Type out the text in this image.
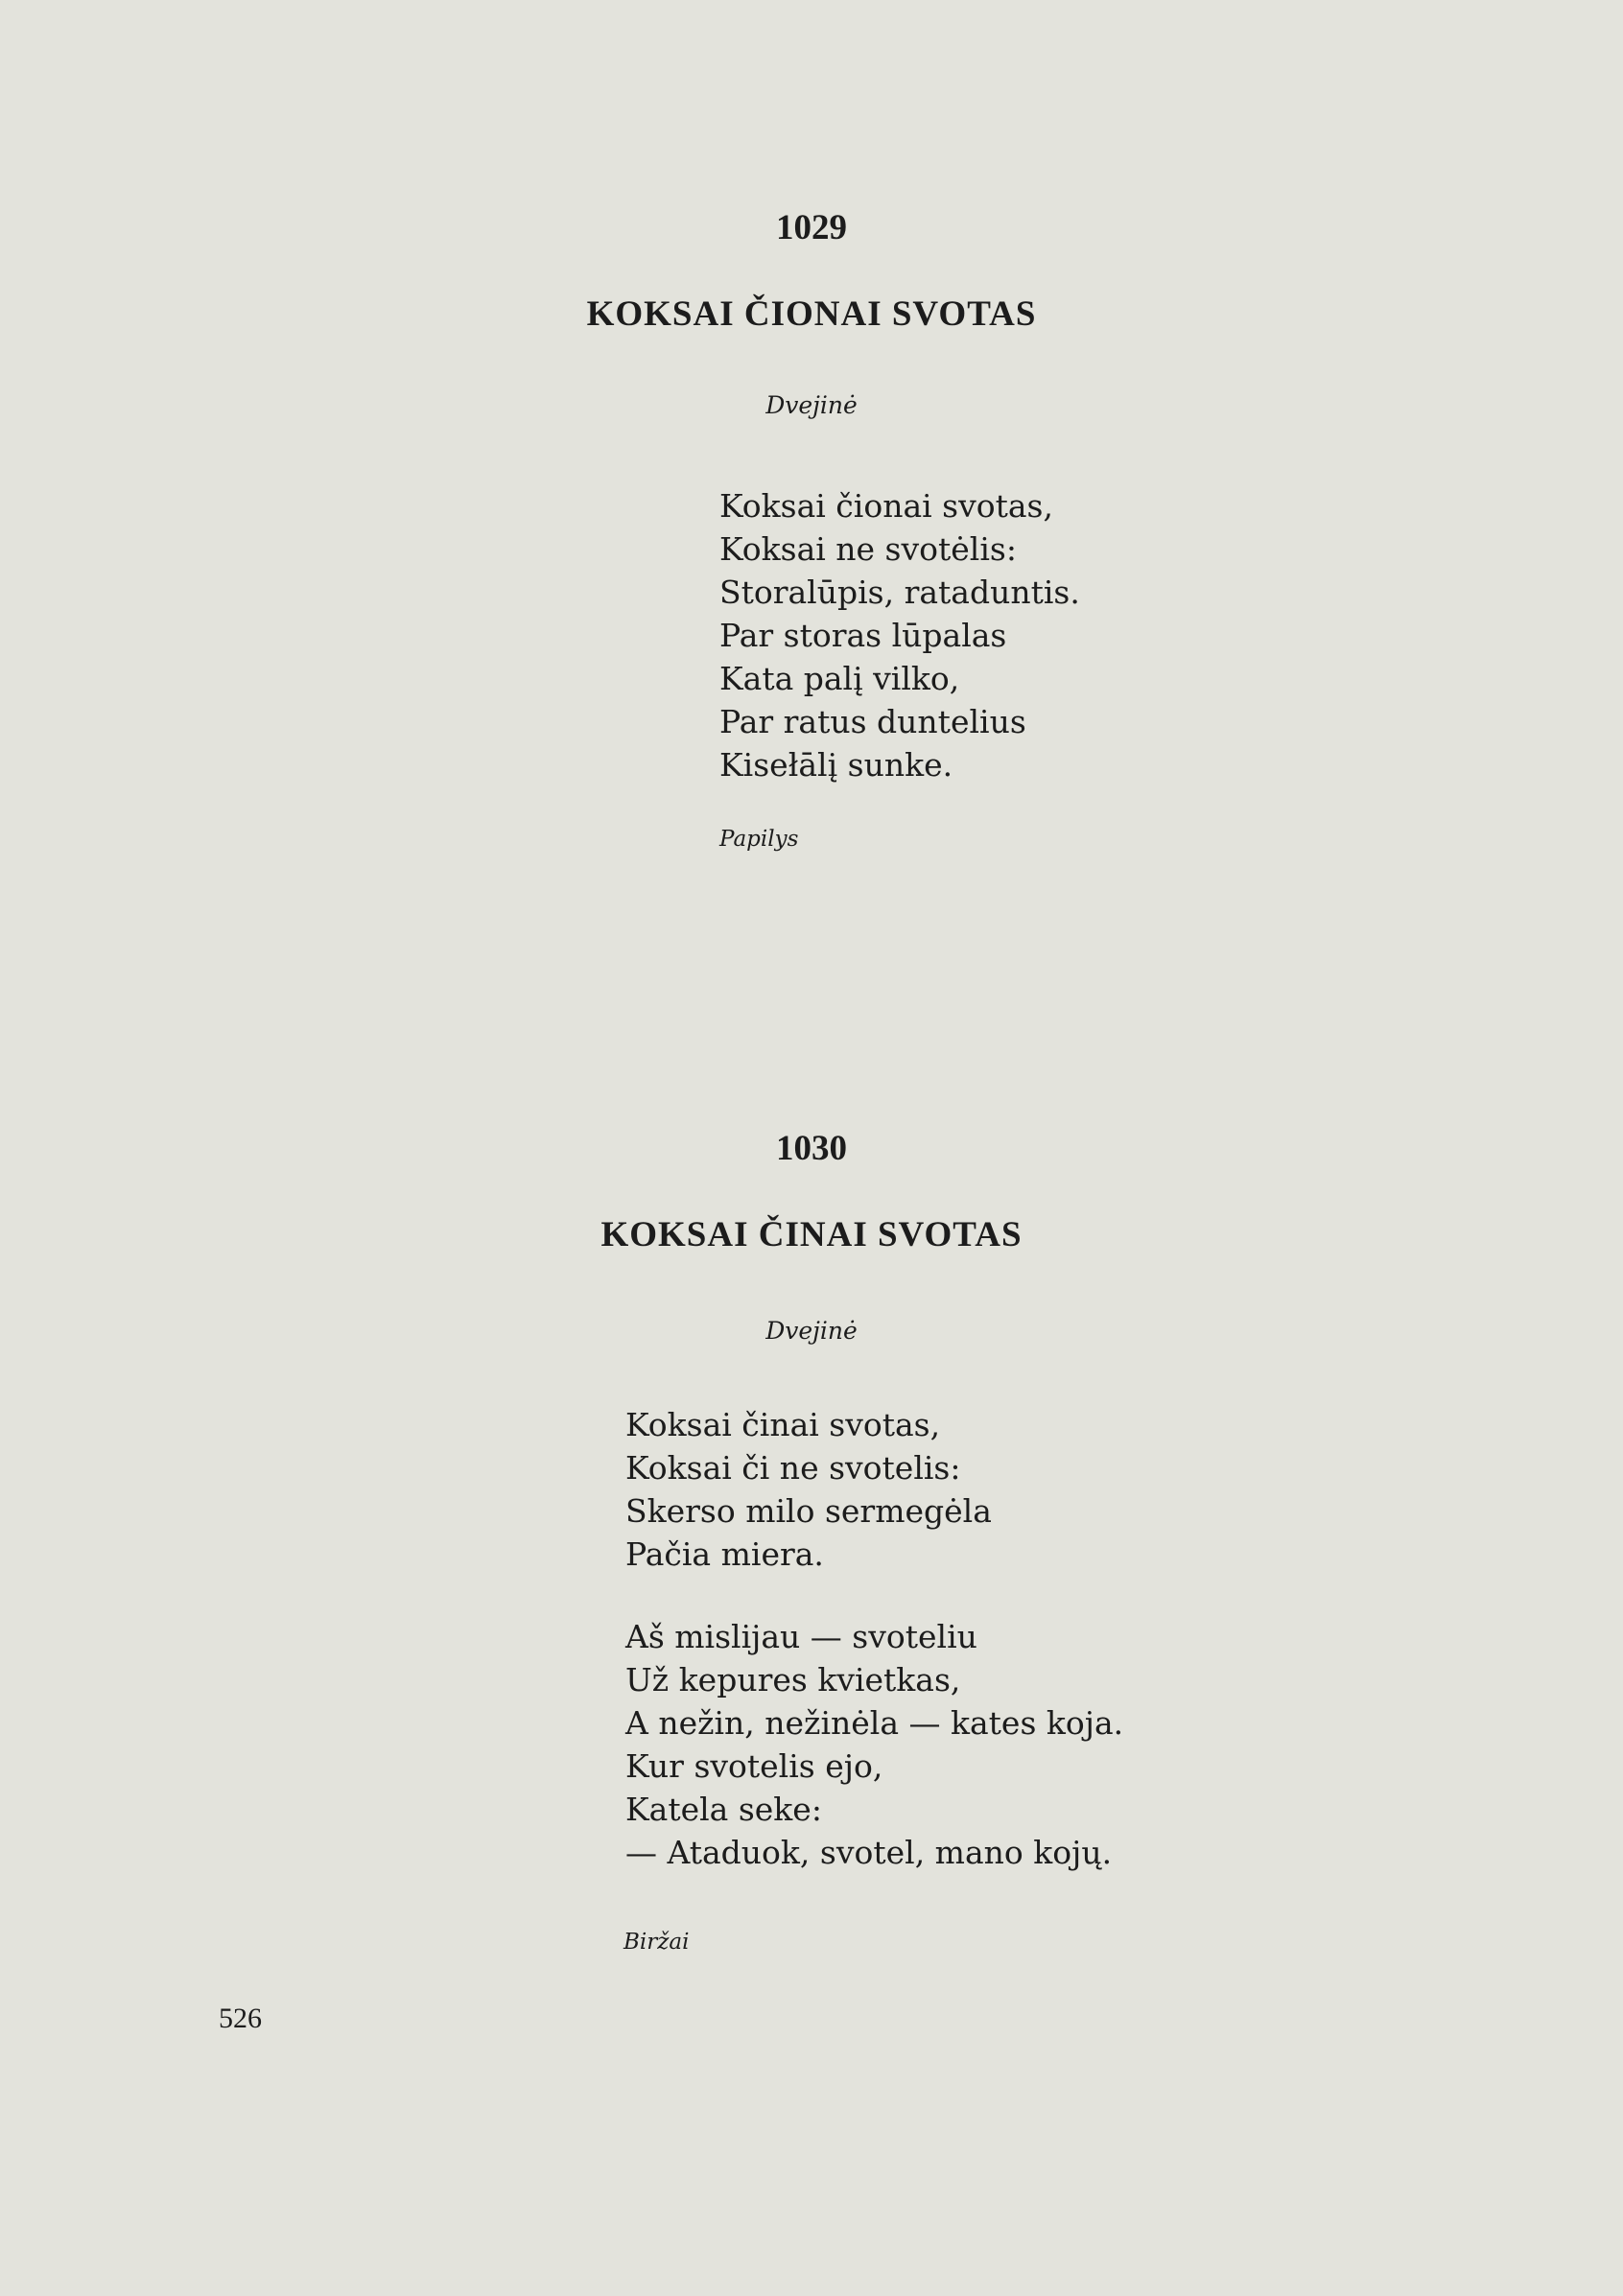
1029
KOKSAI ČIONAI SVOTAS
Dvejinė
Koksai čionai svotas,
Koksai ne svotėlis:
Storalūpis, rataduntis.
Par storas lūpalas
Kata palį vilko,
Par ratus duntelius
Kisełālį sunke.
Papilys
1030
KOKSAI ČINAI SVOTAS
Dvejinė
Koksai činai svotas,
Koksai či ne svotelis:
Skerso milo sermegėla
Pačia miera.
Aš mislijau — svoteliu
Už kepures kvietkas,
A nežin, nežinėla — kates koja.
Kur svotelis ejo,
Katela seke:
— Ataduok, svotel, mano kojų.
Biržai
526
